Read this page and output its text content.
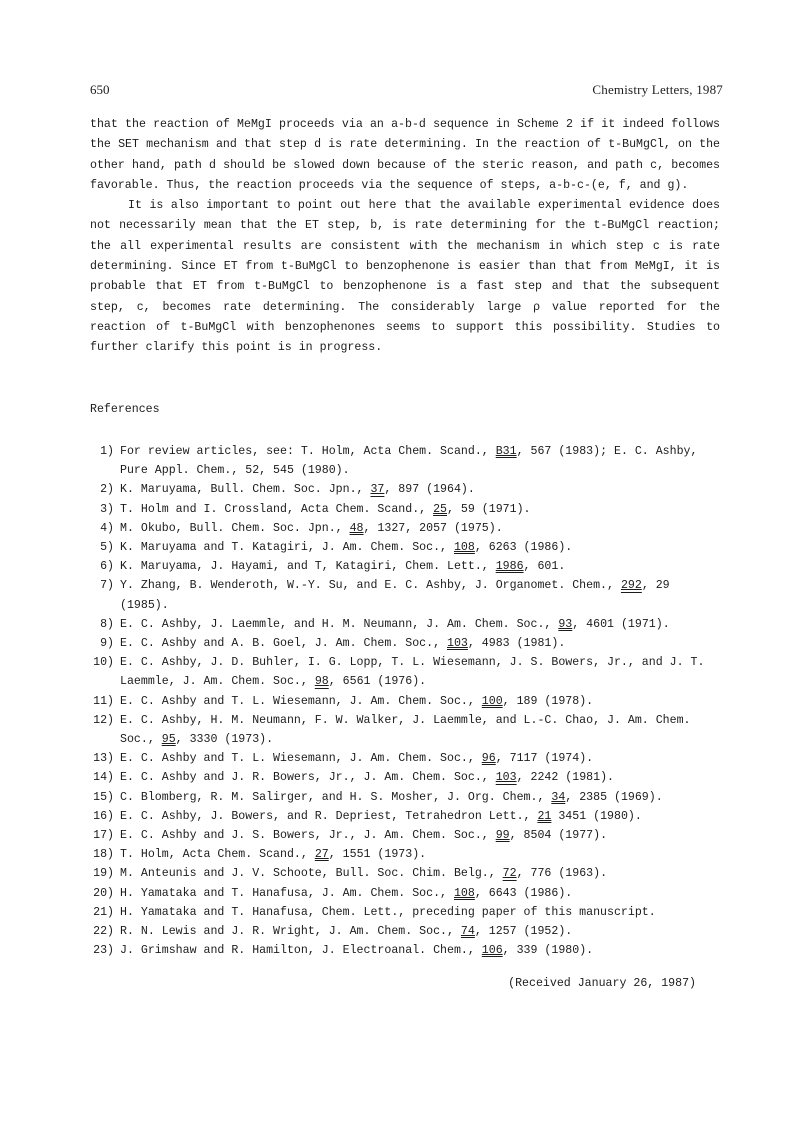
650	Chemistry Letters, 1987

that the reaction of MeMgI proceeds via an a-b-d sequence in Scheme 2 if it indeed follows the SET mechanism and that step d is rate determining. In the reaction of t-BuMgCl, on the other hand, path d should be slowed down because of the steric reason, and path c, becomes favorable. Thus, the reaction proceeds via the sequence of steps, a-b-c-(e, f, and g).

It is also important to point out here that the available experimental evidence does not necessarily mean that the ET step, b, is rate determining for the t-BuMgCl reaction; the all experimental results are consistent with the mechanism in which step c is rate determining. Since ET from t-BuMgCl to benzophenone is easier than that from MeMgI, it is probable that ET from t-BuMgCl to benzophenone is a fast step and that the subsequent step, c, becomes rate determining. The considerably large ρ value reported for the reaction of t-BuMgCl with benzophenones seems to support this possibility. Studies to further clarify this point is in progress.

References
1) For review articles, see: T. Holm, Acta Chem. Scand., B31, 567 (1983); E. C. Ashby, Pure Appl. Chem., 52, 545 (1980).
2) K. Maruyama, Bull. Chem. Soc. Jpn., 37, 897 (1964).
3) T. Holm and I. Crossland, Acta Chem. Scand., 25, 59 (1971).
4) M. Okubo, Bull. Chem. Soc. Jpn., 48, 1327, 2057 (1975).
5) K. Maruyama and T. Katagiri, J. Am. Chem. Soc., 108, 6263 (1986).
6) K. Maruyama, J. Hayami, and T, Katagiri, Chem. Lett., 1986, 601.
7) Y. Zhang, B. Wenderoth, W.-Y. Su, and E. C. Ashby, J. Organomet. Chem., 292, 29 (1985).
8) E. C. Ashby, J. Laemmle, and H. M. Neumann, J. Am. Chem. Soc., 93, 4601 (1971).
9) E. C. Ashby and A. B. Goel, J. Am. Chem. Soc., 103, 4983 (1981).
10) E. C. Ashby, J. D. Buhler, I. G. Lopp, T. L. Wiesemann, J. S. Bowers, Jr., and J. T. Laemmle, J. Am. Chem. Soc., 98, 6561 (1976).
11) E. C. Ashby and T. L. Wiesemann, J. Am. Chem. Soc., 100, 189 (1978).
12) E. C. Ashby, H. M. Neumann, F. W. Walker, J. Laemmle, and L.-C. Chao, J. Am. Chem. Soc., 95, 3330 (1973).
13) E. C. Ashby and T. L. Wiesemann, J. Am. Chem. Soc., 96, 7117 (1974).
14) E. C. Ashby and J. R. Bowers, Jr., J. Am. Chem. Soc., 103, 2242 (1981).
15) C. Blomberg, R. M. Salirger, and H. S. Mosher, J. Org. Chem., 34, 2385 (1969).
16) E. C. Ashby, J. Bowers, and R. Depriest, Tetrahedron Lett., 21 3451 (1980).
17) E. C. Ashby and J. S. Bowers, Jr., J. Am. Chem. Soc., 99, 8504 (1977).
18) T. Holm, Acta Chem. Scand., 27, 1551 (1973).
19) M. Anteunis and J. V. Schoote, Bull. Soc. Chim. Belg., 72, 776 (1963).
20) H. Yamataka and T. Hanafusa, J. Am. Chem. Soc., 108, 6643 (1986).
21) H. Yamataka and T. Hanafusa, Chem. Lett., preceding paper of this manuscript.
22) R. N. Lewis and J. R. Wright, J. Am. Chem. Soc., 74, 1257 (1952).
23) J. Grimshaw and R. Hamilton, J. Electroanal. Chem., 106, 339 (1980).
(Received January 26, 1987)
